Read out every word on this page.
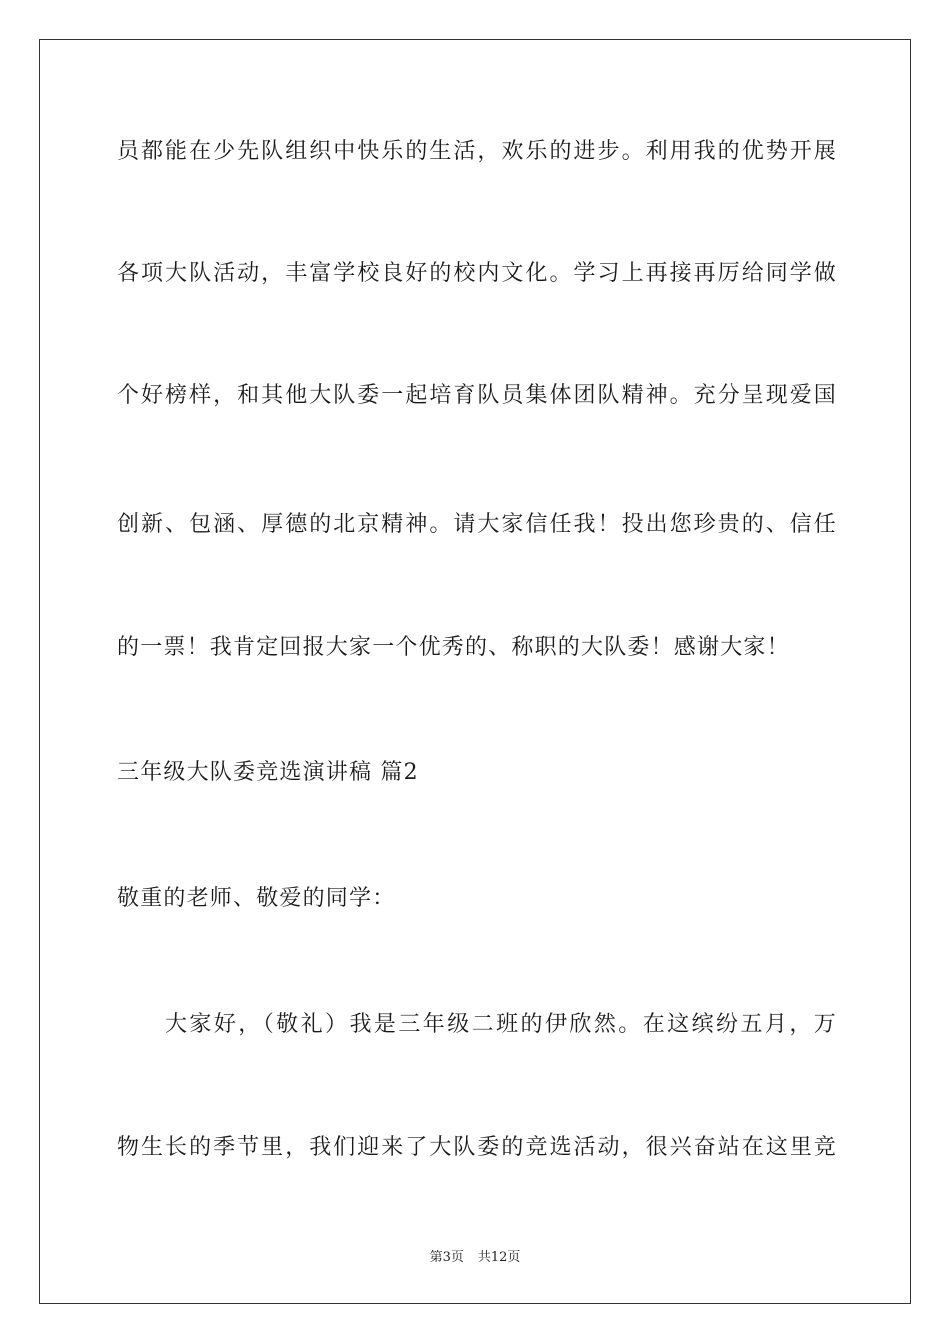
员都能在少先队组织中快乐的生活，欢乐的进步。利用我的优势开展
各项大队活动，丰富学校良好的校内文化。学习上再接再厉给同学做
个好榜样，和其他大队委一起培育队员集体团队精神。充分呈现爱国
创新、包涵、厚德的北京精神。请大家信任我！投出您珍贵的、信任
的一票！我肯定回报大家一个优秀的、称职的大队委！感谢大家！
三年级大队委竞选演讲稿 篇2
敬重的老师、敬爱的同学：
大家好，（敬礼）我是三年级二班的伊欣然。在这缤纷五月，万
物生长的季节里，我们迎来了大队委的竞选活动，很兴奋站在这里竞
第3页 共12页
